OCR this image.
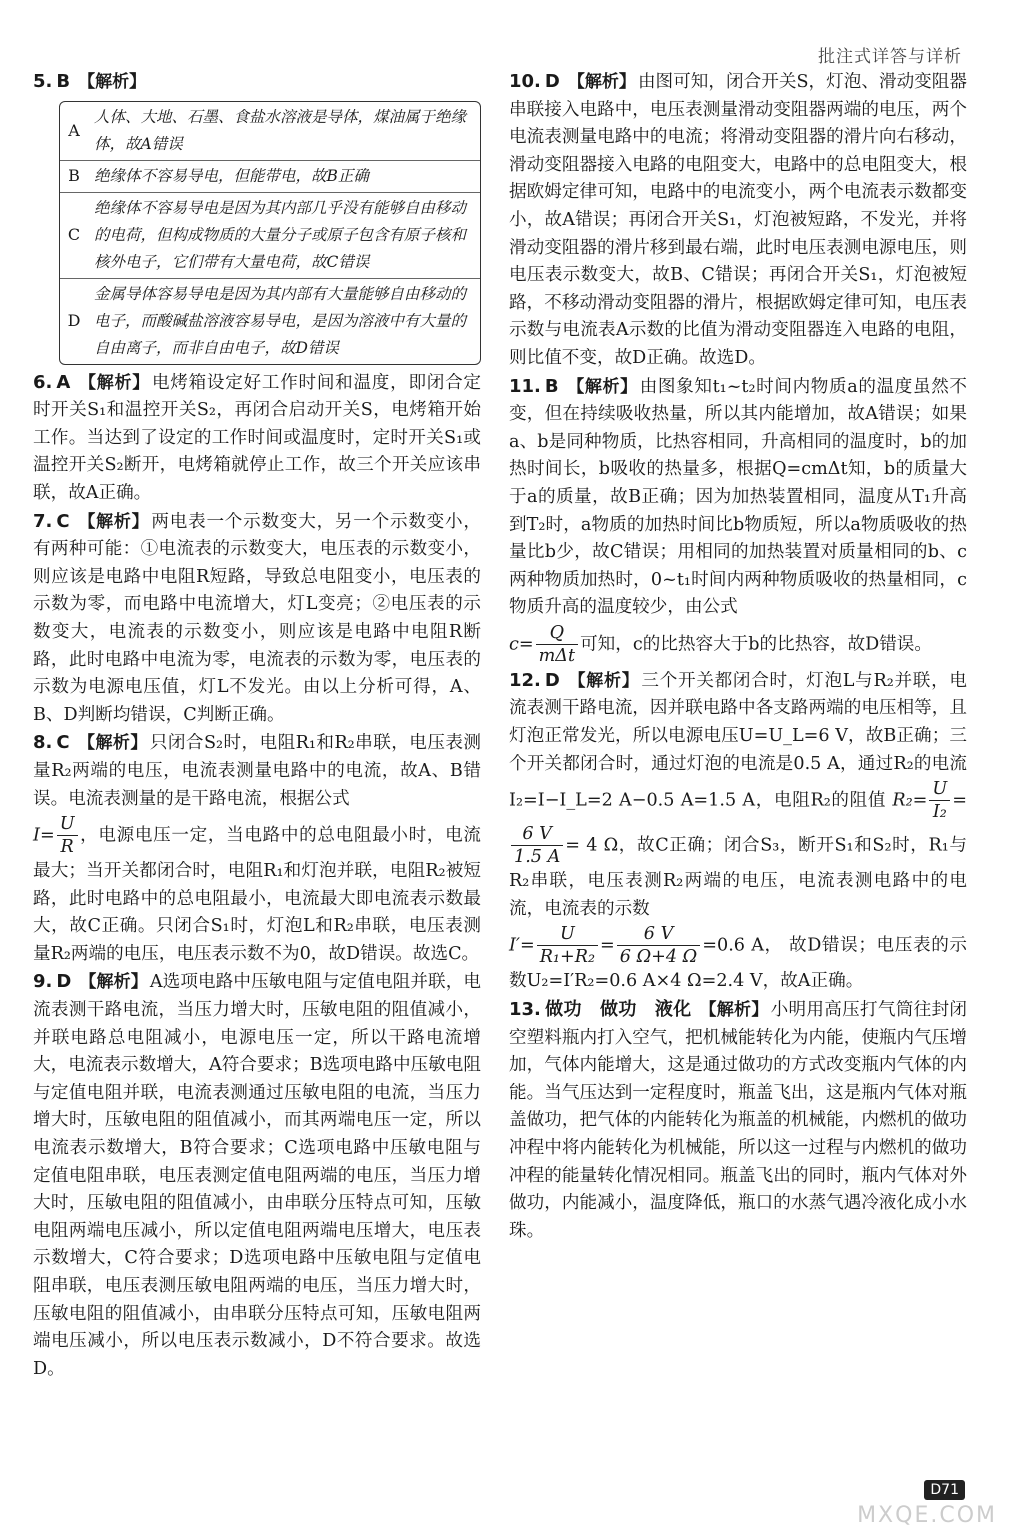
批注式详答与详析
5. B 【解析】
A
人体、大地、石墨、食盐水溶液是导体，煤油属于绝缘体，故A错误
B 绝缘体不容易导电，但能带电，故B正确
C
绝缘体不容易导电是因为其内部几乎没有能够自由移动的电荷，但构成物质的大量分子或原子包含有原子核和核外电子，它们带有大量电荷，故C错误
D
金属导体容易导电是因为其内部有大量能够自由移动的电子，而酸碱盐溶液容易导电，是因为溶液中有大量的自由离子，而非自由电子，故D错误

6. A 【解析】 电烤箱设定好工作时间和温度，即闭合定时开关S₁和温控开关S₂，再闭合启动开关S，电烤箱开始工作。当达到了设定的工作时间或温度时，定时开关S₁或温控开关S₂断开，电烤箱就停止工作，故三个开关应该串联，故A正确。

7. C 【解析】 两电表一个示数变大，另一个示数变小，有两种可能：①电流表的示数变大，电压表的示数变小，则应该是电路中电阻R短路，导致总电阻变小，电压表的示数为零，而电路中电流增大，灯L变亮；②电压表的示数变大，电流表的示数变小，则应该是电路中电阻R断路，此时电路中电流为零，电流表的示数为零，电压表的示数为电源电压值，灯L不发光。由以上分析可得，A、B、D判断均错误，C判断正确。

8. C 【解析】 只闭合S₂时，电阻R₁和R₂串联，电压表测量R₂两端的电压，电流表测量电路中的电流，故A、B错误。电流表测量的是干路电流，根据公式
$I= \frac{U}{R}$ ，电源电压一定，当电路中的总电阻最小时，电流最大；当开关都闭合时，电阻R₁和灯泡并联，电阻R₂被短路，此时电路中的总电阻最小，电流最大即电流表示数最大，故C正确。只闭合S₁时，灯泡L和R₂串联，电压表测量R₂两端的电压，电压表示数不为0，故D错误。故选C。

9. D 【解析】 A选项电路中压敏电阻与定值电阻并联，电流表测干路电流，当压力增大时，压敏电阻的阻值减小，并联电路总电阻减小，电源电压一定，所以干路电流增大，电流表示数增大，A符合要求；B选项电路中压敏电阻与定值电阻并联，电流表测通过压敏电阻的电流，当压力增大时，压敏电阻的阻值减小，而其两端电压一定，所以电流表示数增大，B符合要求；C选项电路中压敏电阻与定值电阻串联，电压表测定值电阻两端的电压，当压力增大时，压敏电阻的阻值减小，由串联分压特点可知，压敏电阻两端电压减小，所以定值电阻两端电压增大，电压表示数增大，C符合要求；D选项电路中压敏电阻与定值电阻串联，电压表测压敏电阻两端的电压，当压力增大时，压敏电阻的阻值减小，由串联分压特点可知，压敏电阻两端电压减小，所以电压表示数减小，D不符合要求。故选D。

10. D 【解析】 由图可知，闭合开关S，灯泡、滑动变阻器串联接入电路中，电压表测量滑动变阻器两端的电压，两个电流表测量电路中的电流；将滑动变阻器的滑片向右移动，滑动变阻器接入电路的电阻变大，电路中的总电阻变大，根据欧姆定律可知，电路中的电流变小，两个电流表示数都变小，故A错误；再闭合开关S₁，灯泡被短路，不发光，并将滑动变阻器的滑片移到最右端，此时电压表测电源电压，则电压表示数变大，故B、C错误；再闭合开关S₁，灯泡被短路，不移动滑动变阻器的滑片，根据欧姆定律可知，电压表示数与电流表A示数的比值为滑动变阻器连入电路的电阻，则比值不变，故D正确。故选D。

11. B 【解析】 由图象知t₁~t₂时间内物质a的温度虽然不变，但在持续吸收热量，所以其内能增加，故A错误；如果a、b是同种物质，比热容相同，升高相同的温度时，b的加热时间长，b吸收的热量多，根据Q=cmΔt知，b的质量大于a的质量，故B正确；因为加热装置相同，温度从T₁升高到T₂时，a物质的加热时间比b物质短，所以a物质吸收的热量比b少，故C错误；用相同的加热装置对质量相同的b、c两种物质加热时，0~t₁时间内两种物质吸收的热量相同，c物质升高的温度较少，由公式
c=
Q
mΔt
可知，c的比热容大于b的比热容，故D错误。

12. D 【解析】 三个开关都闭合时，灯泡L与R₂并联，电流表测干路电流，因并联电路中各支路两端的电压相等，且灯泡正常发光，所以电源电压U=U_L=6 V，故B正确；三个开关都闭合时，通过灯泡的电流是0.5 A，通过R₂的电流I₂=I−I_L=2 A−0.5 A=1.5 A，电阻R₂的阻值 $R_2= \frac{U}{\text{I₂}}$ =
$\frac{6 V}{1.5 A} = 4$ Ω，故C正确；闭合S₃，断开S₁和S₂时，R₁与R₂串联，电压表测R₂两端的电压，电流表测电路中的电流，电流表的示数
$I'= \frac{U}{\text{R₁+R₂}} = \frac{6 V}{6 \Omega+4 \Omega} =0.6$ A， 故D错误；电压表的示数U₂=I′R₂=0.6 A×4 Ω=2.4 V，故A正确。

13. 做功　做功　液化 【解析】 小明用高压打气筒往封闭空塑料瓶内打入空气，把机械能转化为内能，使瓶内气压增加，气体内能增大，这是通过做功的方式改变瓶内气体的内能。当气压达到一定程度时，瓶盖飞出，这是瓶内气体对瓶盖做功，把气体的内能转化为瓶盖的机械能，内燃机的做功冲程中将内能转化为机械能，所以这一过程与内燃机的做功冲程的能量转化情况相同。瓶盖飞出的同时，瓶内气体对外做功，内能减小，温度降低，瓶口的水蒸气遇冷液化成小水珠。

D71
MXQE.COM
